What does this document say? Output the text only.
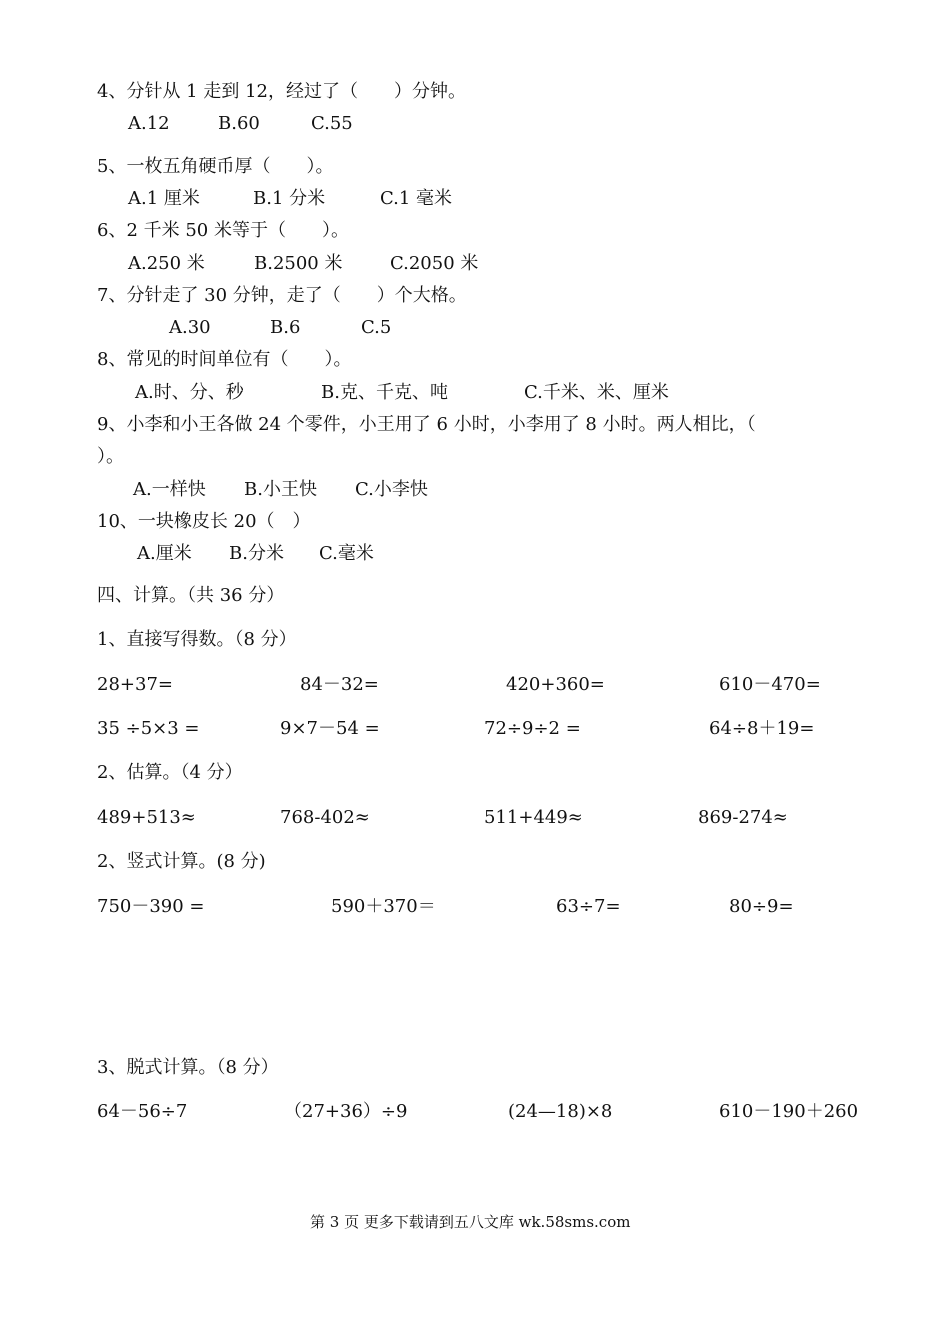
4、分针从 1 走到 12，经过了（　　）分钟。
A.12	B.60	C.55
5、一枚五角硬币厚（　　）。
A.1 厘米	B.1 分米	C.1 毫米
6、2 千米 50 米等于（　　）。
A.250 米	B.2500 米	C.2050 米
7、分针走了 30 分钟，走了（　　）个大格。
A.30	B.6	C.5
8、常见的时间单位有（　　）。
A.时、分、秒	B.克、千克、吨	C.千米、米、厘米
9、小李和小王各做 24 个零件，小王用了 6 小时，小李用了 8 小时。两人相比，（
）。
A.一样快 B.小王快 C.小李快
10、一块橡皮长 20（　）
A.厘米 B.分米 C.毫米
四、计算。（共 36 分）
1、直接写得数。（8 分）
28+37=	84－32=	420+360=	610－470=
35 ÷5×3 =	9×7－54 =	72÷9÷2 =	64÷8＋19=
2、估算。（4 分）
489+513≈	768-402≈	511+449≈	869-274≈
2、竖式计算。(8 分)
750－390 =	590＋370＝	63÷7=	80÷9=
3、脱式计算。（8 分）
64－56÷7	（27+36）÷9	(24—18)×8	610－190＋260
第 3 页 更多下载请到五八文库 wk.58sms.com
